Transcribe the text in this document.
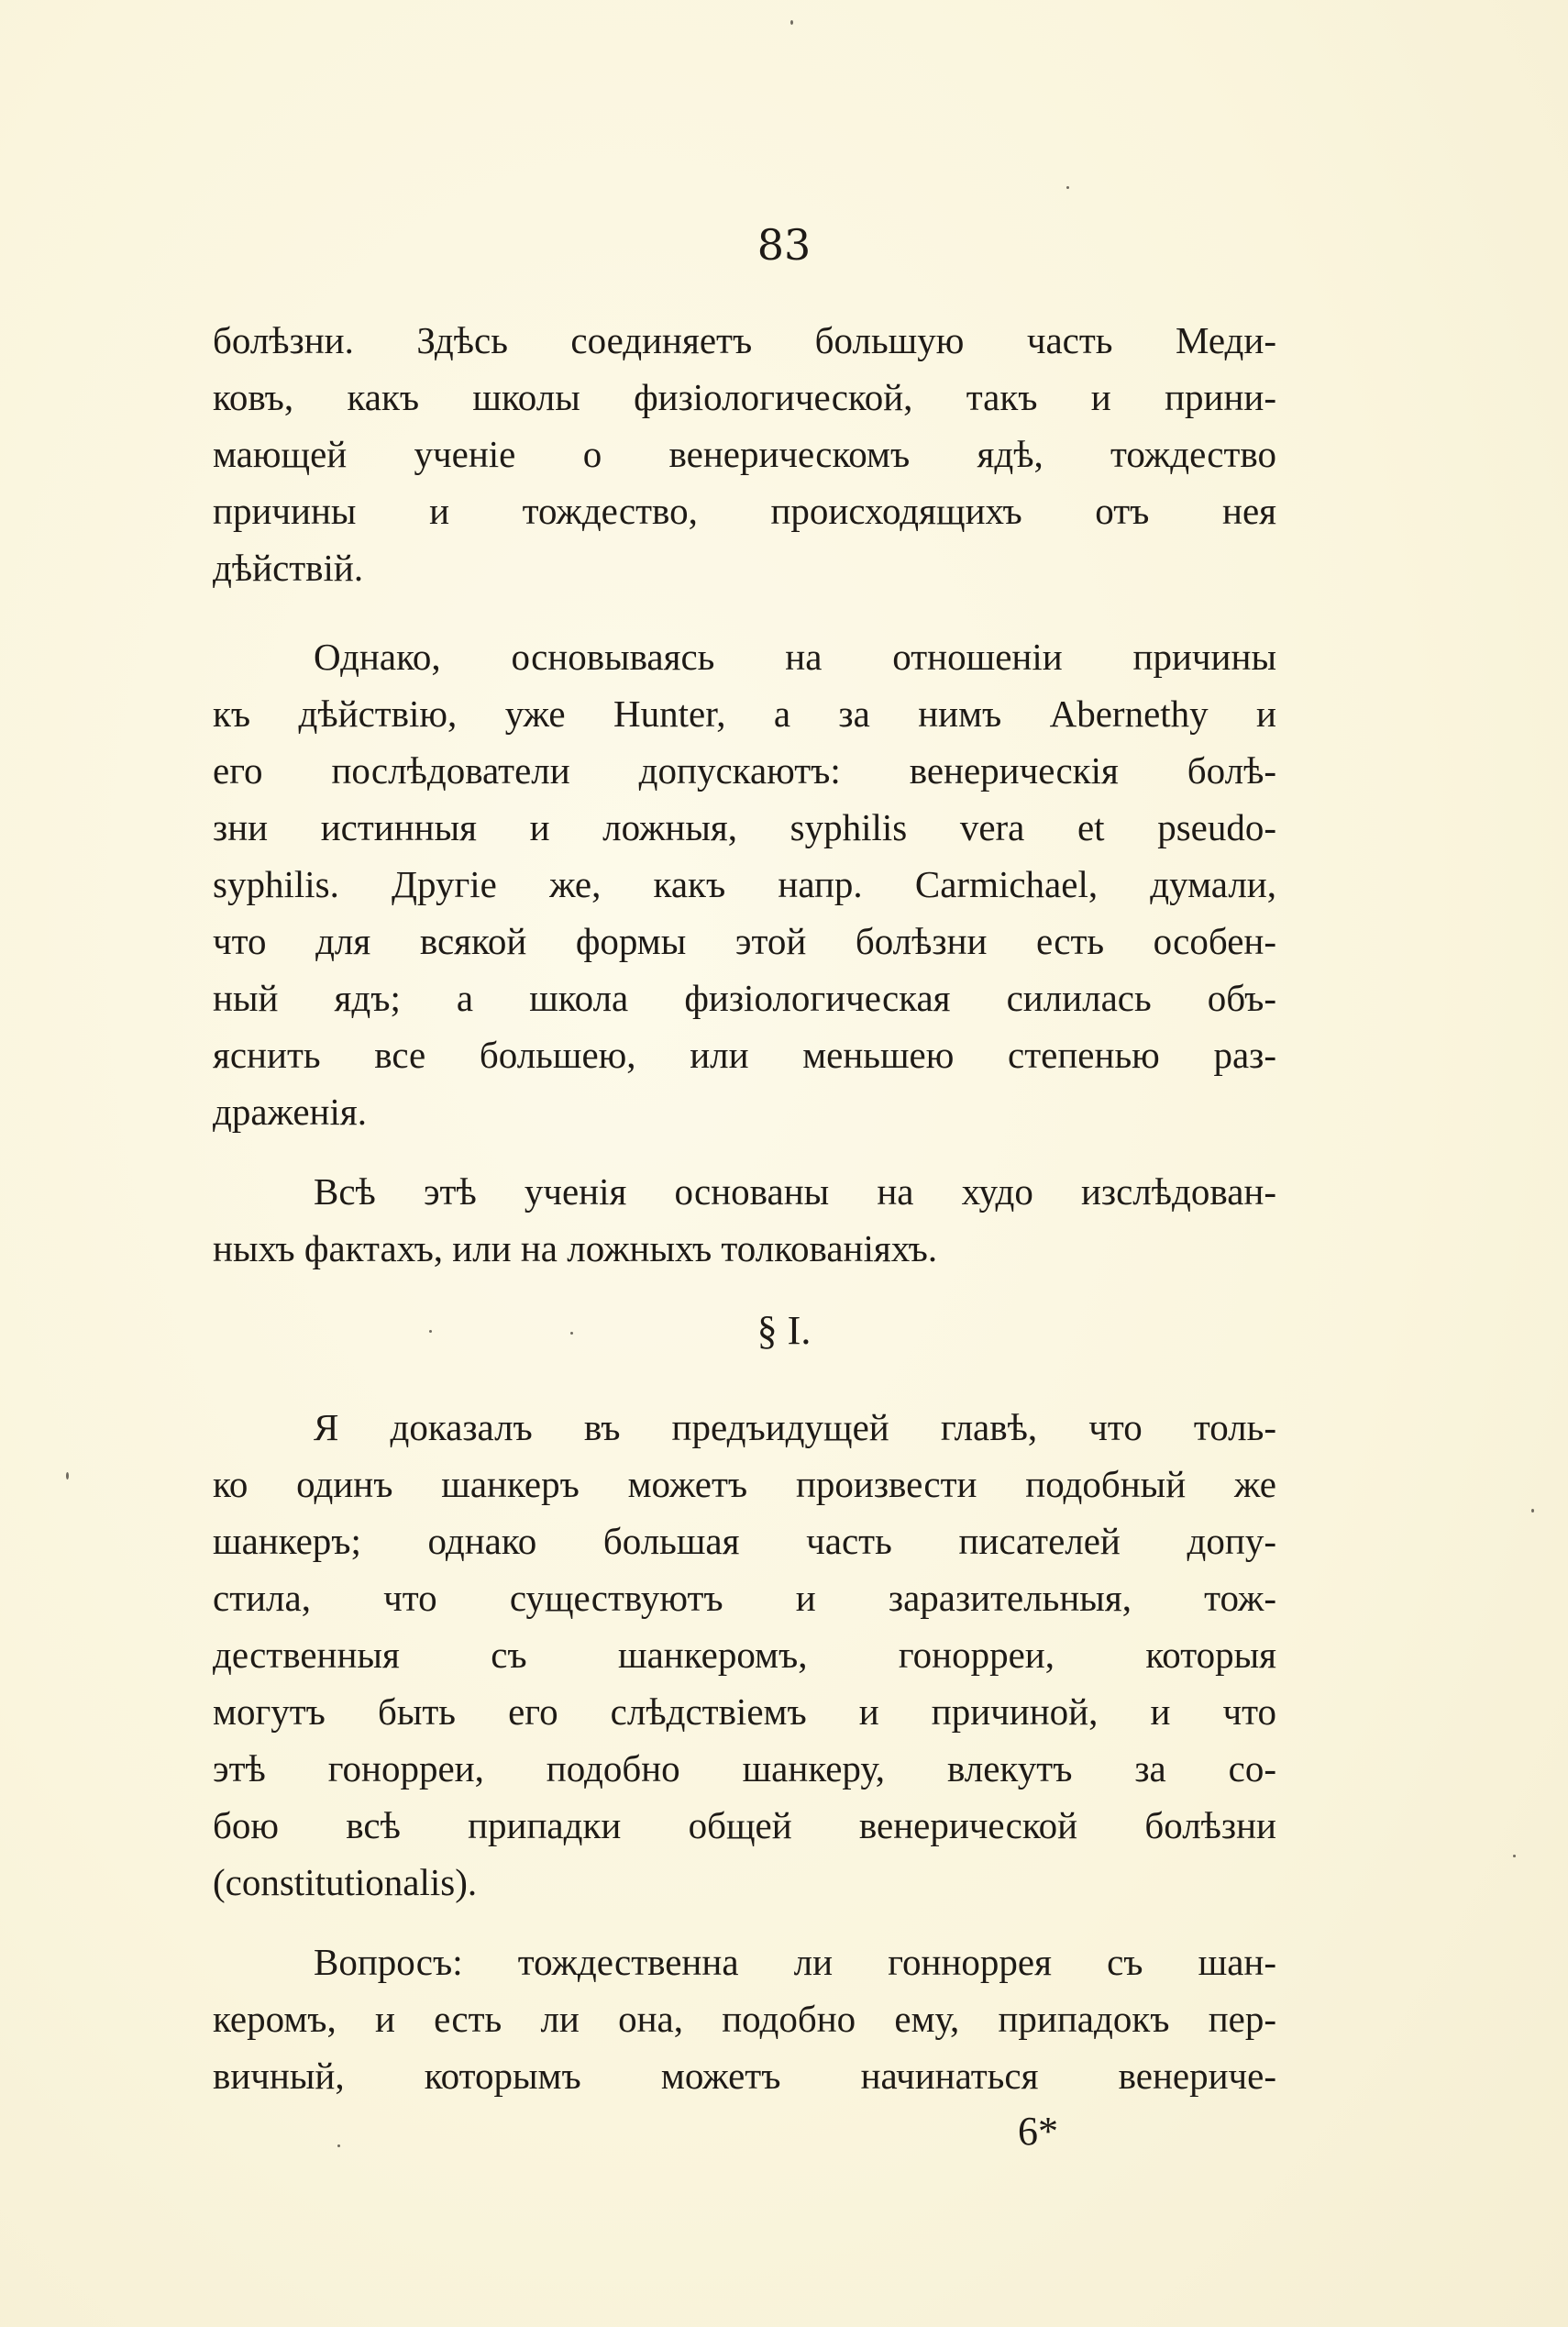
83
болѣзни. Здѣсь соединяетъ большую часть Меди-
ковъ, какъ школы физiологической, такъ и прини-
мающей ученiе о венерическомъ ядѣ, тождество
причины и тождество, происходящихъ отъ нея
дѣйствiй.
Однако, основываясь на отношенiи причины
къ дѣйствiю, уже Hunter, а за нимъ Abernethy и
его послѣдователи допускаютъ: венерическiя болѣ-
зни истинныя и ложныя, syphilis vera et pseudo-
syphilis. Другiе же, какъ напр. Carmichael, думали,
что для всякой формы этой болѣзни есть особен-
ный ядъ; а школа физiологическая силилась объ-
яснить все большею, или меньшею степенью раз-
драженiя.
Всѣ этѣ ученiя основаны на худо изслѣдован-
ныхъ фактахъ, или на ложныхъ толкованiяхъ.
§ I.
Я доказалъ въ предъидущей главѣ, что толь-
ко одинъ шанкеръ можетъ произвести подобный же
шанкеръ; однако большая часть писателей допу-
стила, что существуютъ и заразительныя, тож-
дественныя съ шанкеромъ, гонорреи, которыя
могутъ быть его слѣдствiемъ и причиной, и что
этѣ гонорреи, подобно шанкеру, влекутъ за со-
бою всѣ припадки общей венерической болѣзни
(constitutionalis).
Вопросъ: тождественна ли гонноррея съ шан-
керомъ, и есть ли она, подобно ему, припадокъ пер-
вичный, которымъ можетъ начинаться венериче-
6*
